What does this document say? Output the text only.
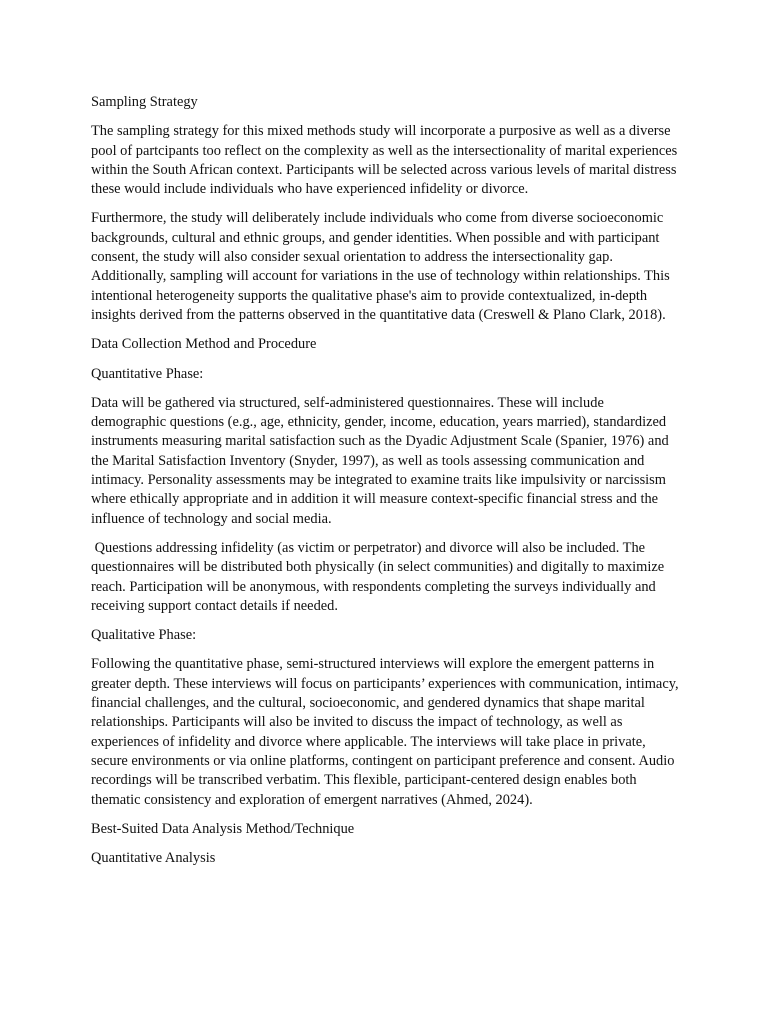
Sampling Strategy

The sampling strategy for this mixed methods study will incorporate a purposive as well as a diverse pool of partcipants too reflect on the complexity as well as the intersectionality of marital experiences within the South African context. Participants will be selected across various levels of marital distress these would include individuals who have experienced infidelity or divorce.

Furthermore, the study will deliberately include individuals who come from diverse socioeconomic backgrounds, cultural and ethnic groups, and gender identities. When possible and with participant consent, the study will also consider sexual orientation to address the intersectionality gap. Additionally, sampling will account for variations in the use of technology within relationships. This intentional heterogeneity supports the qualitative phase's aim to provide contextualized, in-depth insights derived from the patterns observed in the quantitative data (Creswell & Plano Clark, 2018).

Data Collection Method and Procedure

Quantitative Phase:

Data will be gathered via structured, self-administered questionnaires. These will include demographic questions (e.g., age, ethnicity, gender, income, education, years married), standardized instruments measuring marital satisfaction such as the Dyadic Adjustment Scale (Spanier, 1976) and the Marital Satisfaction Inventory (Snyder, 1997), as well as tools assessing communication and intimacy. Personality assessments may be integrated to examine traits like impulsivity or narcissism where ethically appropriate and in addition it will measure context-specific financial stress and the influence of technology and social media.

Questions addressing infidelity (as victim or perpetrator) and divorce will also be included. The questionnaires will be distributed both physically (in select communities) and digitally to maximize reach. Participation will be anonymous, with respondents completing the surveys individually and receiving support contact details if needed.

Qualitative Phase:

Following the quantitative phase, semi-structured interviews will explore the emergent patterns in greater depth. These interviews will focus on participants’ experiences with communication, intimacy, financial challenges, and the cultural, socioeconomic, and gendered dynamics that shape marital relationships. Participants will also be invited to discuss the impact of technology, as well as experiences of infidelity and divorce where applicable. The interviews will take place in private, secure environments or via online platforms, contingent on participant preference and consent. Audio recordings will be transcribed verbatim. This flexible, participant-centered design enables both thematic consistency and exploration of emergent narratives (Ahmed, 2024).

Best-Suited Data Analysis Method/Technique

Quantitative Analysis
